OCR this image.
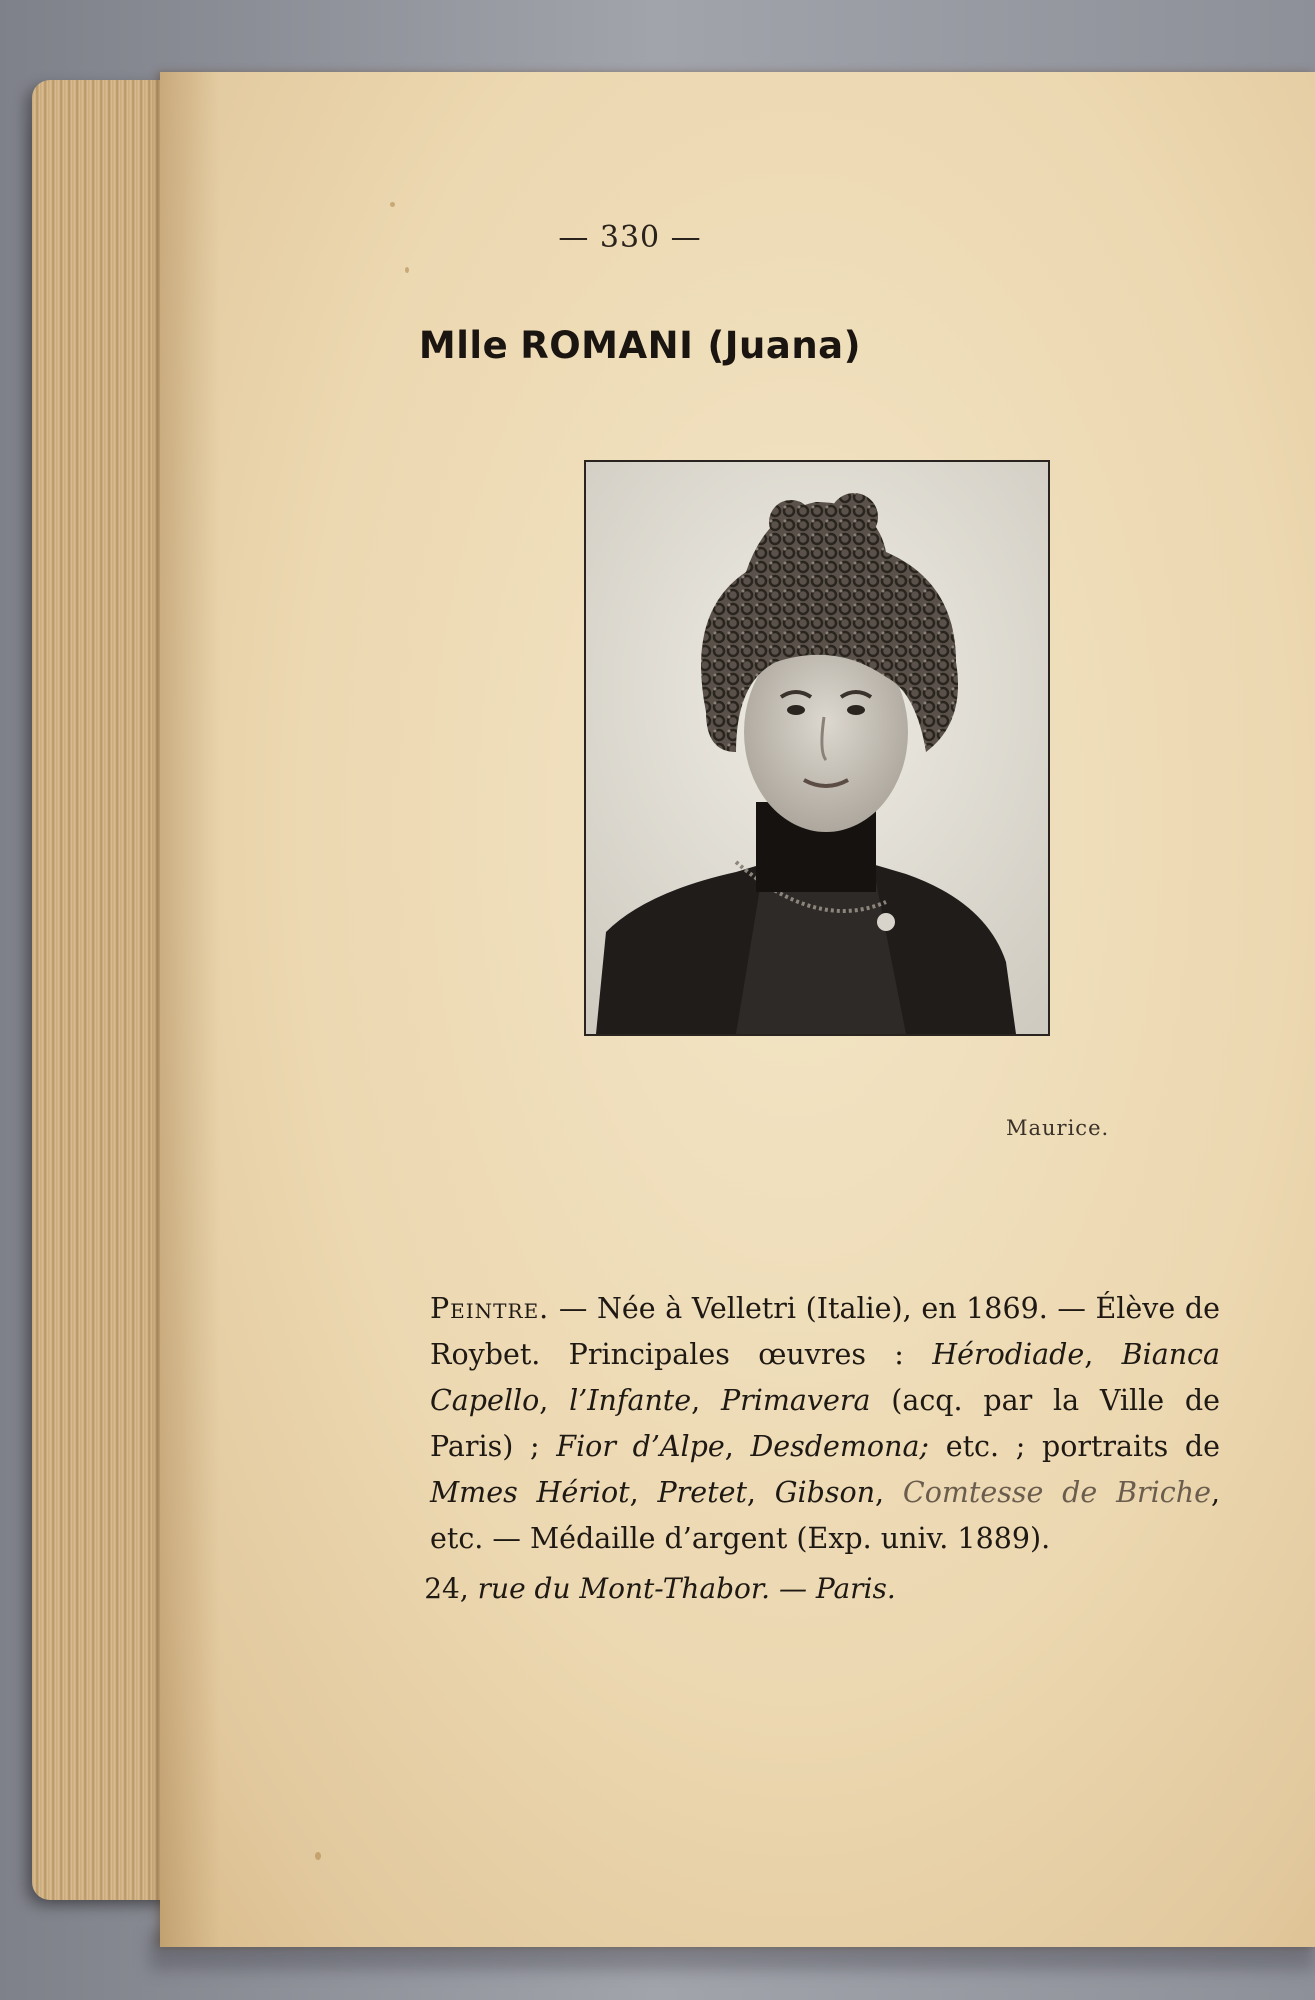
— 330 —
Mlle ROMANI (Juana)
Maurice.
Peintre. — Née à Velletri (Italie), en 1869. — Élève de Roybet. Principales œuvres : Hérodiade, Bianca Capello, l’Infante, Primavera (acq. par la Ville de Paris) ; Fior d’Alpe, Desdemona; etc. ; portraits de Mmes Hériot, Pretet, Gibson, Comtesse de Briche, etc. — Médaille d’argent (Exp. univ. 1889).
24, rue du Mont-Thabor. — Paris.
